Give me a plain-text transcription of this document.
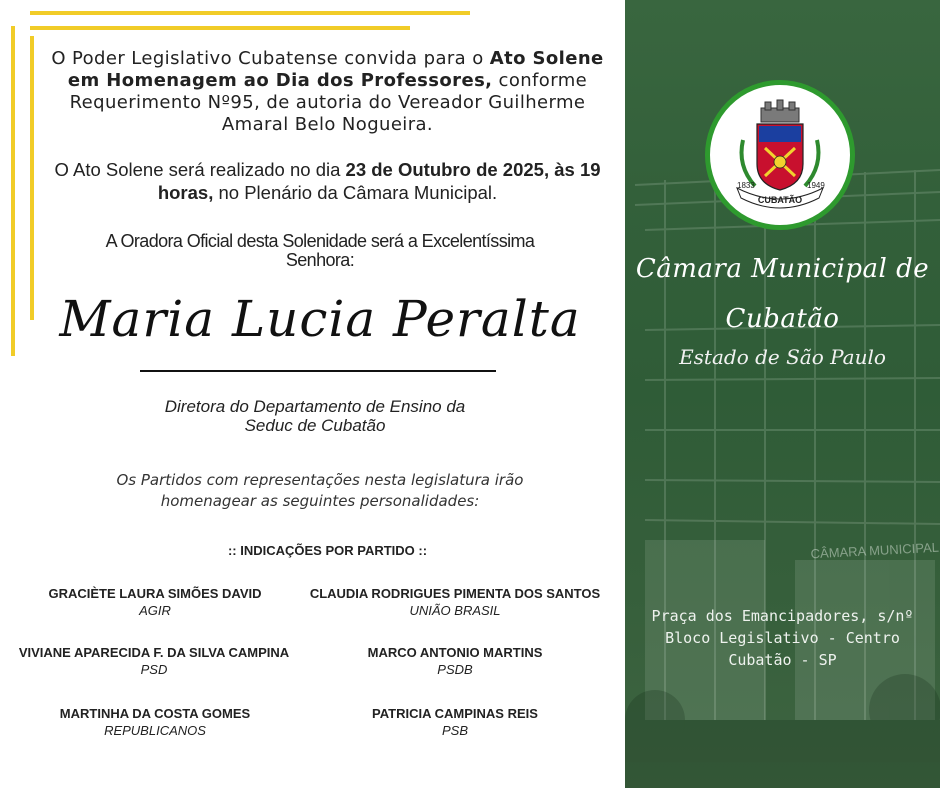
O Poder Legislativo Cubatense convida para o Ato Solene em Homenagem ao Dia dos Professores, conforme Requerimento Nº95, de autoria do Vereador Guilherme Amaral Belo Nogueira.
O Ato Solene será realizado no dia 23 de Outubro de 2025, às 19 horas, no Plenário da Câmara Municipal.
A Oradora Oficial desta Solenidade será a Excelentíssima Senhora:
Maria Lucia Peralta
Diretora do Departamento de Ensino da
Seduc de Cubatão
Os Partidos com representações nesta legislatura irão
homenagear as seguintes personalidades:
:: INDICAÇÕES POR PARTIDO ::
GRACIÈTE LAURA SIMÕES DAVID
AGIR
CLAUDIA RODRIGUES PIMENTA DOS SANTOS
UNIÃO BRASIL
VIVIANE APARECIDA F. DA SILVA CAMPINA
PSD
MARCO ANTONIO MARTINS
PSDB
MARTINHA DA COSTA GOMES
REPUBLICANOS
PATRICIA CAMPINAS REIS
PSB
CÂMARA MUNICIPAL
CUBATÃO
1833	1949
Câmara Municipal de
Cubatão
Estado de São Paulo
Praça dos Emancipadores, s/nº
Bloco Legislativo - Centro
Cubatão - SP
